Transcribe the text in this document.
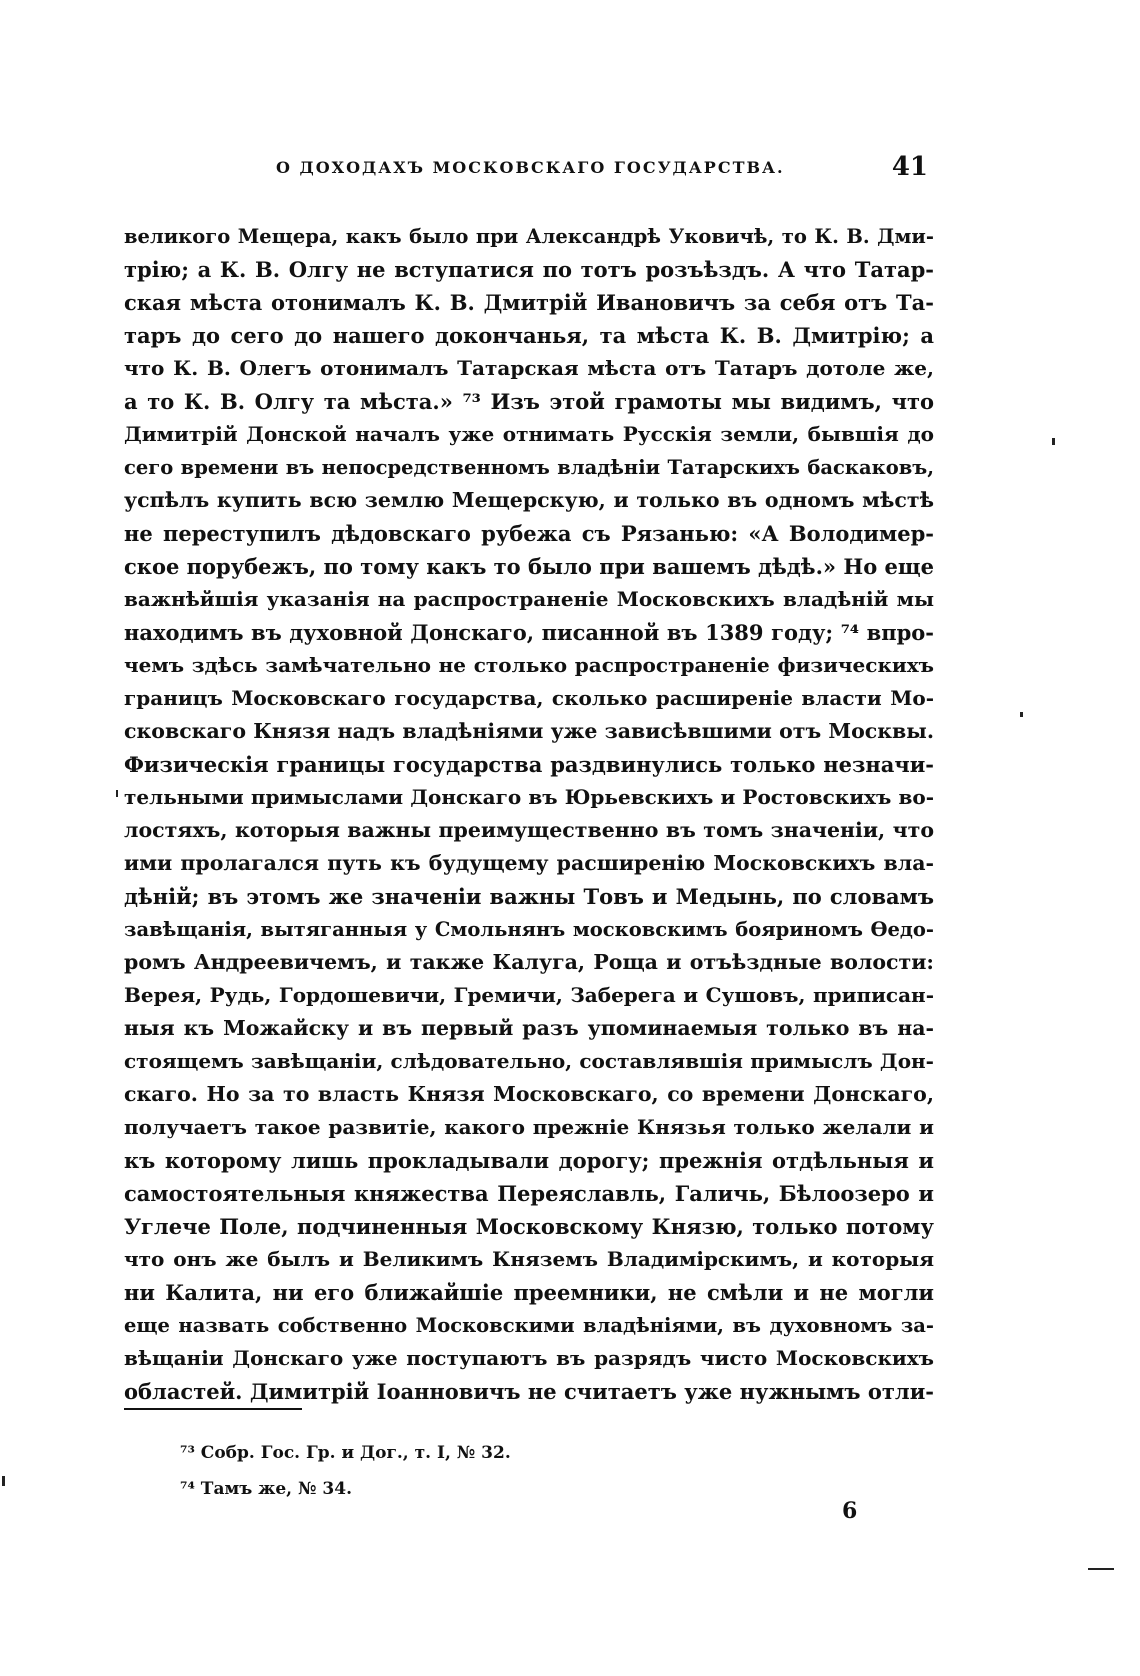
О ДОХОДАХЪ МОСКОВСКАГО ГОСУДАРСТВА.	41
великого Мещера, какъ было при Александрѣ Уковичѣ, то К. В. Дми-
трію; а К. В. Олгу не вступатися по тотъ розъѣздъ. А что Татар-
ская мѣста отонималъ К. В. Дмитрій Ивановичъ за себя отъ Та-
таръ до сего до нашего докончанья, та мѣста К. В. Дмитрію; а
что К. В. Олегъ отонималъ Татарская мѣста отъ Татаръ дотоле же,
а то К. В. Олгу та мѣста.» ⁷³ Изъ этой грамоты мы видимъ, что
Димитрій Донской началъ уже отнимать Русскія земли, бывшія до
сего времени въ непосредственномъ владѣніи Татарскихъ баскаковъ,
успѣлъ купить всю землю Мещерскую, и только въ одномъ мѣстѣ
не переступилъ дѣдовскаго рубежа съ Рязанью: «А Володимер-
ское порубежъ, по тому какъ то было при вашемъ дѣдѣ.» Но еще
важнѣйшія указанія на распространеніе Московскихъ владѣній мы
находимъ въ духовной Донскаго, писанной въ 1389 году; ⁷⁴ впро-
чемъ здѣсь замѣчательно не столько распространеніе физическихъ
границъ Московскаго государства, сколько расширеніе власти Мо-
сковскаго Князя надъ владѣніями уже зависѣвшими отъ Москвы.
Физическія границы государства раздвинулись только незначи-
тельными примыслами Донскаго въ Юрьевскихъ и Ростовскихъ во-
лостяхъ, которыя важны преимущественно въ томъ значеніи, что
ими пролагался путь къ будущему расширенію Московскихъ вла-
дѣній; въ этомъ же значеніи важны Товъ и Медынь, по словамъ
завѣщанія, вытяганныя у Смольнянъ московскимъ бояриномъ Ѳедо-
ромъ Андреевичемъ, и также Калуга, Роща и отъѣздные волости:
Верея, Рудь, Гордошевичи, Гремичи, Заберега и Сушовъ, приписан-
ныя къ Можайску и въ первый разъ упоминаемыя только въ на-
стоящемъ завѣщаніи, слѣдовательно, составлявшія примыслъ Дон-
скаго. Но за то власть Князя Московскаго, со времени Донскаго,
получаетъ такое развитіе, какого прежніе Князья только желали и
къ которому лишь прокладывали дорогу; прежнія отдѣльныя и
самостоятельныя княжества Переяславль, Галичь, Бѣлоозеро и
Углече Поле, подчиненныя Московскому Князю, только потому
что онъ же былъ и Великимъ Княземъ Владимірскимъ, и которыя
ни Калита, ни его ближайшіе преемники, не смѣли и не могли
еще назвать собственно Московскими владѣніями, въ духовномъ за-
вѣщаніи Донскаго уже поступаютъ въ разрядъ чисто Московскихъ
областей. Димитрій Іоанновичъ не считаетъ уже нужнымъ отли-
⁷³ Собр. Гос. Гр. и Дог., т. I, № 32.
⁷⁴ Тамъ же, № 34.
6
